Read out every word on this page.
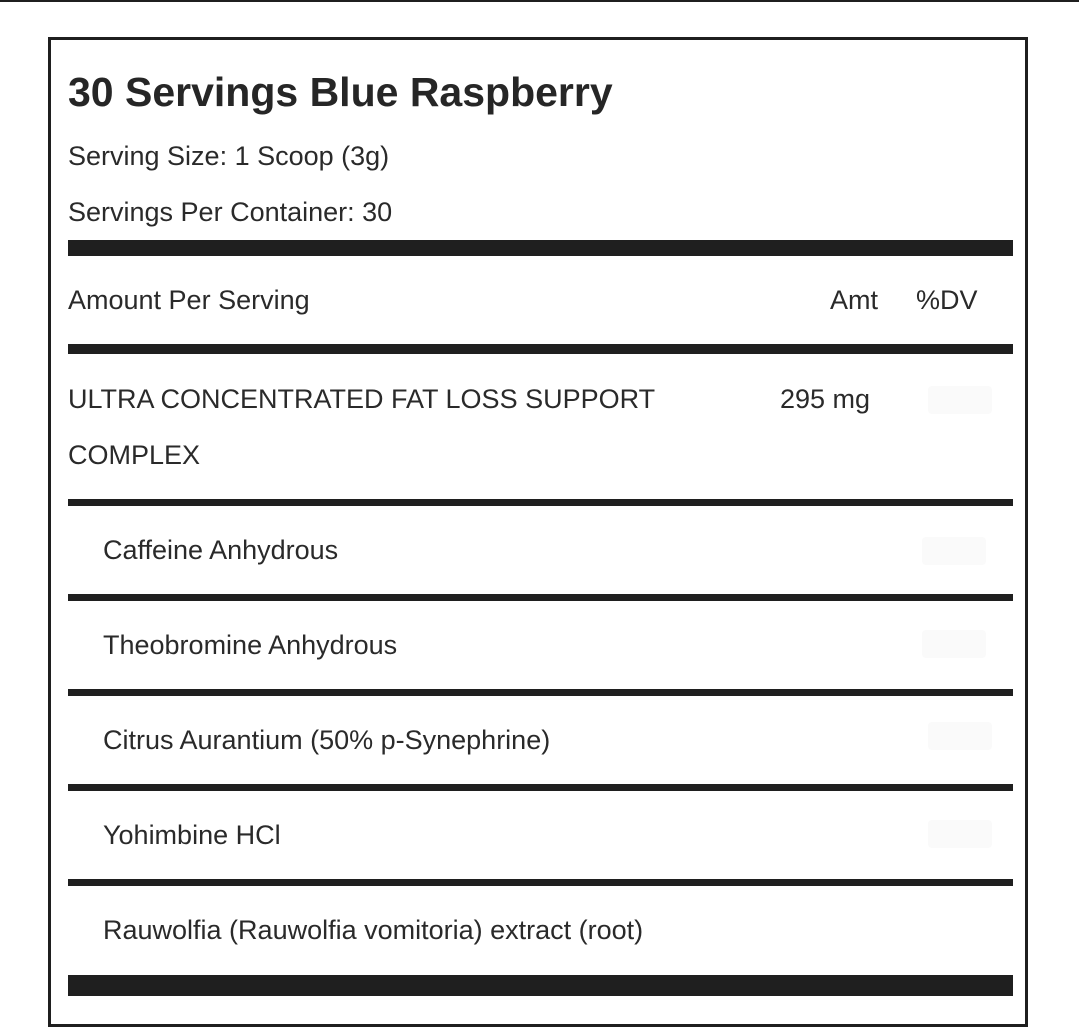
30 Servings Blue Raspberry
Serving Size: 1 Scoop (3g)
Servings Per Container: 30
Amount Per Serving	Amt %DV
ULTRA CONCENTRATED FAT LOSS SUPPORT COMPLEX
295 mg
Caffeine Anhydrous
Theobromine Anhydrous
Citrus Aurantium (50% p-Synephrine)
Yohimbine HCl
Rauwolfia (Rauwolfia vomitoria) extract (root)
